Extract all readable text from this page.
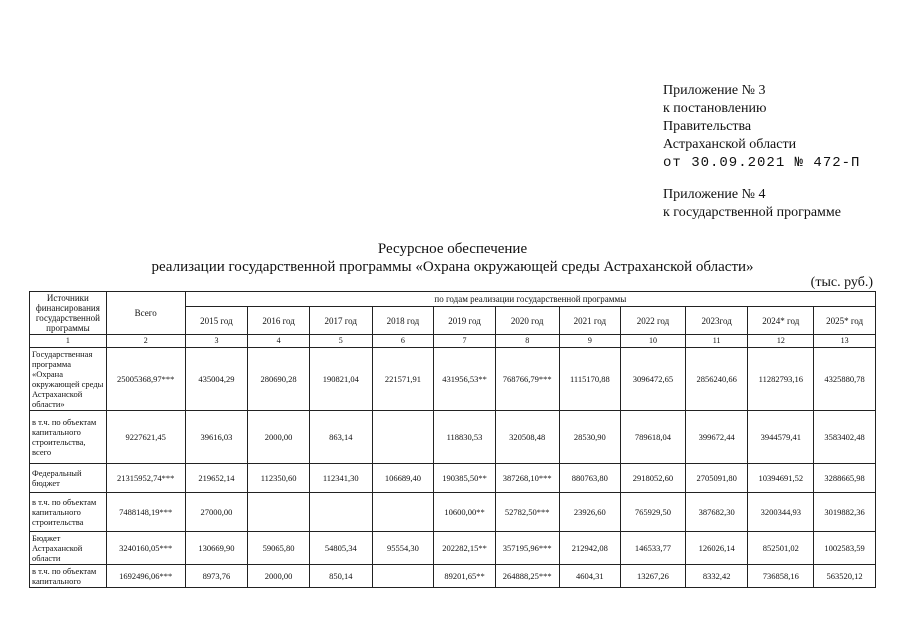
Приложение № 3
к постановлению
Правительства
Астраханской области
от 30.09.2021 № 472-П
Приложение № 4
к государственной программе
Ресурсное обеспечение
реализации государственной программы «Охрана окружающей среды Астраханской области»
(тыс. руб.)
Источники финансирования государственной программы	Всего	по годам реализации государственной программы										
		2015 год	2016 год	2017 год	2018 год	2019 год	2020 год	2021 год	2022 год	2023год	2024* год	2025* год
1	2	3	4	5	6	7	8	9	10	11	12	13
Государственная программа «Охрана окружающей среды Астраханской области»	25005368,97***	435004,29	280690,28	190821,04	221571,91	431956,53**	768766,79***	1115170,88	3096472,65	2856240,66	11282793,16	4325880,78
в т.ч. по объектам капитального строительства, всего	9227621,45	39616,03	2000,00	863,14		118830,53	320508,48	28530,90	789618,04	399672,44	3944579,41	3583402,48
Федеральный бюджет	21315952,74***	219652,14	112350,60	112341,30	106689,40	190385,50**	387268,10***	880763,80	2918052,60	2705091,80	10394691,52	3288665,98
в т.ч. по объектам капитального строительства	7488148,19***	27000,00				10600,00**	52782,50***	23926,60	765929,50	387682,30	3200344,93	3019882,36
Бюджет Астраханской области	3240160,05***	130669,90	59065,80	54805,34	95554,30	202282,15**	357195,96***	212942,08	146533,77	126026,14	852501,02	1002583,59
в т.ч. по объектам капитального	1692496,06***	8973,76	2000,00	850,14		89201,65**	264888,25***	4604,31	13267,26	8332,42	736858,16	563520,12
